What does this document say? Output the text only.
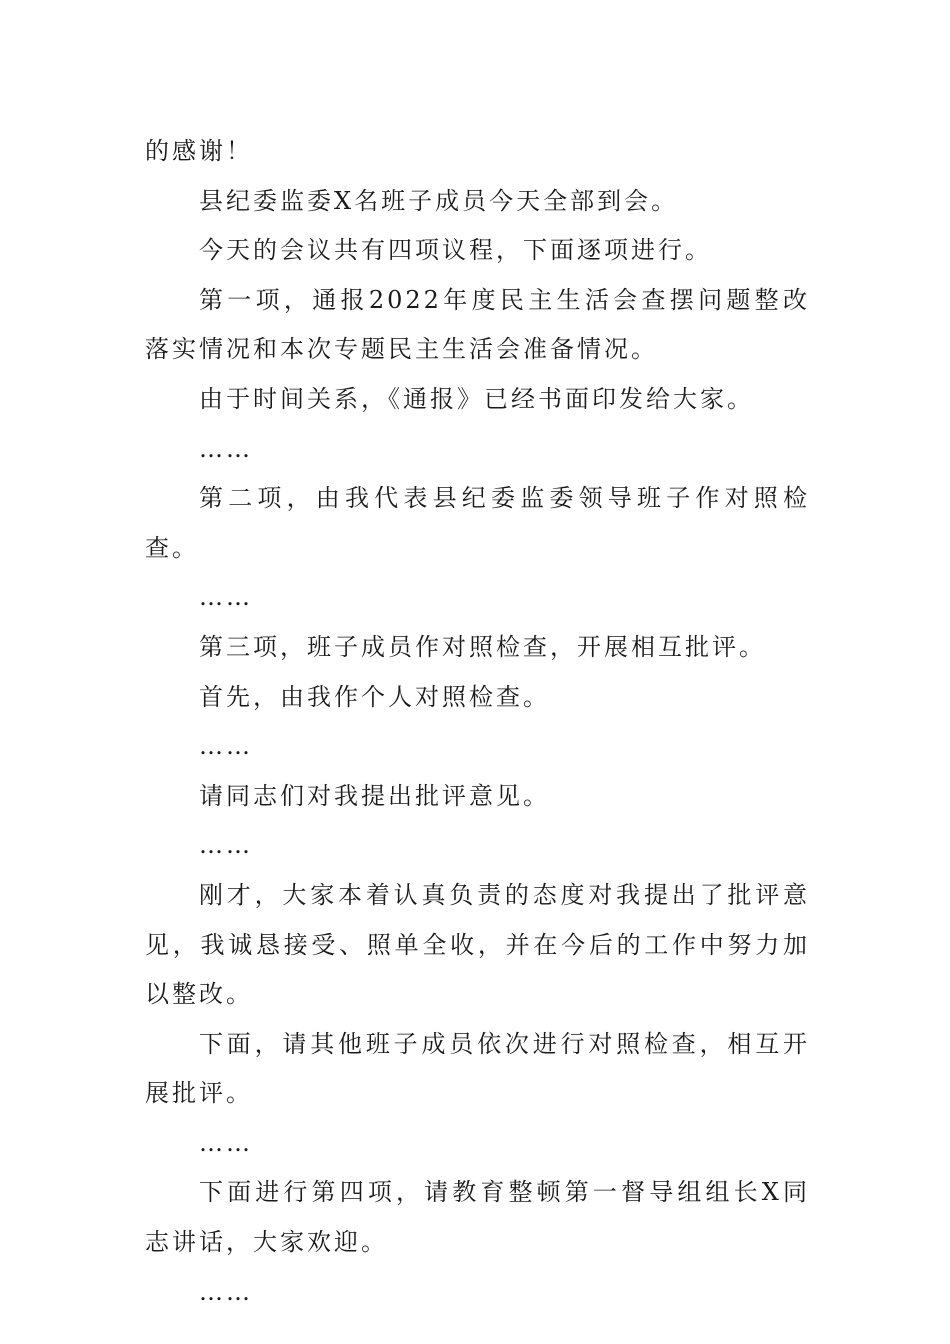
的感谢！

县纪委监委X名班子成员今天全部到会。

今天的会议共有四项议程，下面逐项进行。

第一项，通报2022年度民主生活会查摆问题整改落实情况和本次专题民主生活会准备情况。

由于时间关系，《通报》已经书面印发给大家。

……

第二项，由我代表县纪委监委领导班子作对照检查。

……

第三项，班子成员作对照检查，开展相互批评。

首先，由我作个人对照检查。

……

请同志们对我提出批评意见。

……

刚才，大家本着认真负责的态度对我提出了批评意见，我诚恳接受、照单全收，并在今后的工作中努力加以整改。

下面，请其他班子成员依次进行对照检查，相互开展批评。

……

下面进行第四项，请教育整顿第一督导组组长X同志讲话，大家欢迎。

……
